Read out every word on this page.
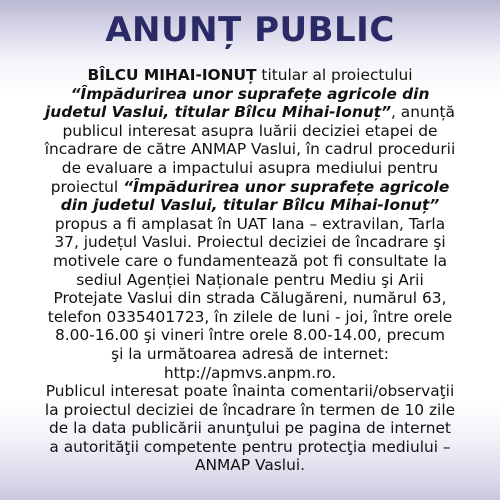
ANUNȚ PUBLIC
BÎLCU MIHAI-IONUȚ titular al proiectului
“Împădurirea unor suprafețe agricole din
judetul Vaslui, titular Bîlcu Mihai-Ionuț”, anunță
publicul interesat asupra luării deciziei etapei de
încadrare de către ANMAP Vaslui, în cadrul procedurii
de evaluare a impactului asupra mediului pentru
proiectul “Împădurirea unor suprafețe agricole
din judetul Vaslui, titular Bîlcu Mihai-Ionuț”
propus a fi amplasat în UAT Iana – extravilan, Tarla
37, județul Vaslui. Proiectul deciziei de încadrare şi
motivele care o fundamentează pot fi consultate la
sediul Agenției Naționale pentru Mediu şi Arii
Protejate Vaslui din strada Călugăreni, numărul 63,
telefon 0335401723, în zilele de luni - joi, între orele
8.00-16.00 şi vineri între orele 8.00-14.00, precum
şi la următoarea adresă de internet:
http://apmvs.anpm.ro.
Publicul interesat poate înainta comentarii/observaţii
la proiectul deciziei de încadrare în termen de 10 zile
de la data publicării anunţului pe pagina de internet
a autorităţii competente pentru protecţia mediului –
ANMAP Vaslui.
